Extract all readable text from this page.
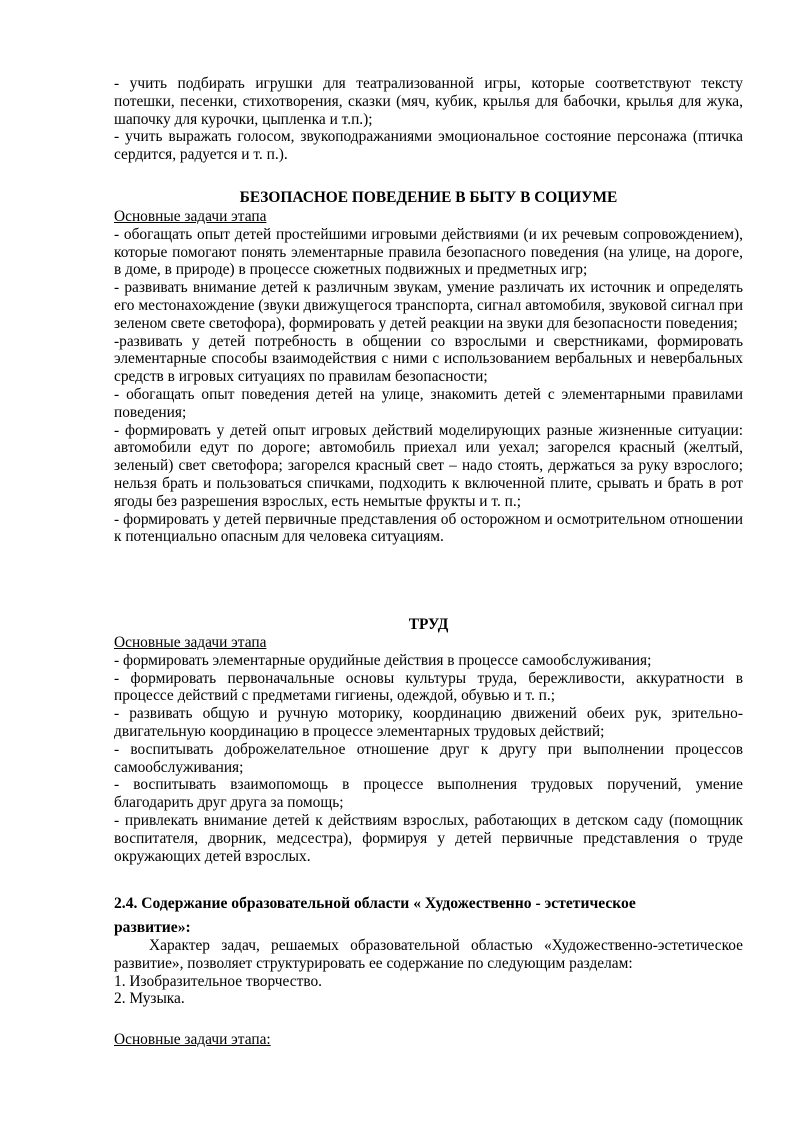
- учить подбирать игрушки для театрализованной игры, которые соответствуют тексту потешки, песенки, стихотворения, сказки (мяч, кубик, крылья для бабочки, крылья для жука, шапочку для курочки, цыпленка и т.п.);

- учить выражать голосом, звукоподражаниями эмоциональное состояние персонажа (птичка сердится, радуется и т. п.).

БЕЗОПАСНОЕ ПОВЕДЕНИЕ В БЫТУ В СОЦИУМЕ

Основные задачи этапа

- обогащать опыт детей простейшими игровыми действиями (и их речевым сопровождением), которые помогают понять элементарные правила безопасного поведения (на улице, на дороге, в доме, в природе) в процессе сюжетных подвижных и предметных игр;

- развивать внимание детей к различным звукам, умение различать их источник и определять его местонахождение (звуки движущегося транспорта, сигнал автомобиля, звуковой сигнал при зеленом свете светофора), формировать у детей реакции на звуки для безопасности поведения;

-развивать у детей потребность в общении со взрослыми и сверстниками, формировать элементарные способы взаимодействия с ними с использованием вербальных и невербальных средств в игровых ситуациях по правилам безопасности;

- обогащать опыт поведения детей на улице, знакомить детей с элементарными правилами поведения;

- формировать у детей опыт игровых действий моделирующих разные жизненные ситуации: автомобили едут по дороге; автомобиль приехал или уехал; загорелся красный (желтый, зеленый) свет светофора; загорелся красный свет – надо стоять, держаться за руку взрослого; нельзя брать и пользоваться спичками, подходить к включенной плите, срывать и брать в рот ягоды без разрешения взрослых, есть немытые фрукты и т. п.;

- формировать у детей первичные представления об осторожном и осмотрительном отношении к потенциально опасным для человека ситуациям.

ТРУД

Основные задачи этапа

- формировать элементарные орудийные действия в процессе самообслуживания;

- формировать первоначальные основы культуры труда, бережливости, аккуратности в процессе действий с предметами гигиены, одеждой, обувью и т. п.;

- развивать общую и ручную моторику, координацию движений обеих рук, зрительно-двигательную координацию в процессе элементарных трудовых действий;

- воспитывать доброжелательное отношение друг к другу при выполнении процессов самообслуживания;

- воспитывать взаимопомощь в процессе выполнения трудовых поручений, умение благодарить друг друга за помощь;

- привлекать внимание детей к действиям взрослых, работающих в детском саду (помощник воспитателя, дворник, медсестра), формируя у детей первичные представления о труде окружающих детей взрослых.

2.4. Содержание образовательной области « Художественно - эстетическое развитие»:

Характер задач, решаемых образовательной областью «Художественно-эстетическое развитие», позволяет структурировать ее содержание по следующим разделам:

1. Изобразительное творчество.

2. Музыка.

Основные задачи этапа:
